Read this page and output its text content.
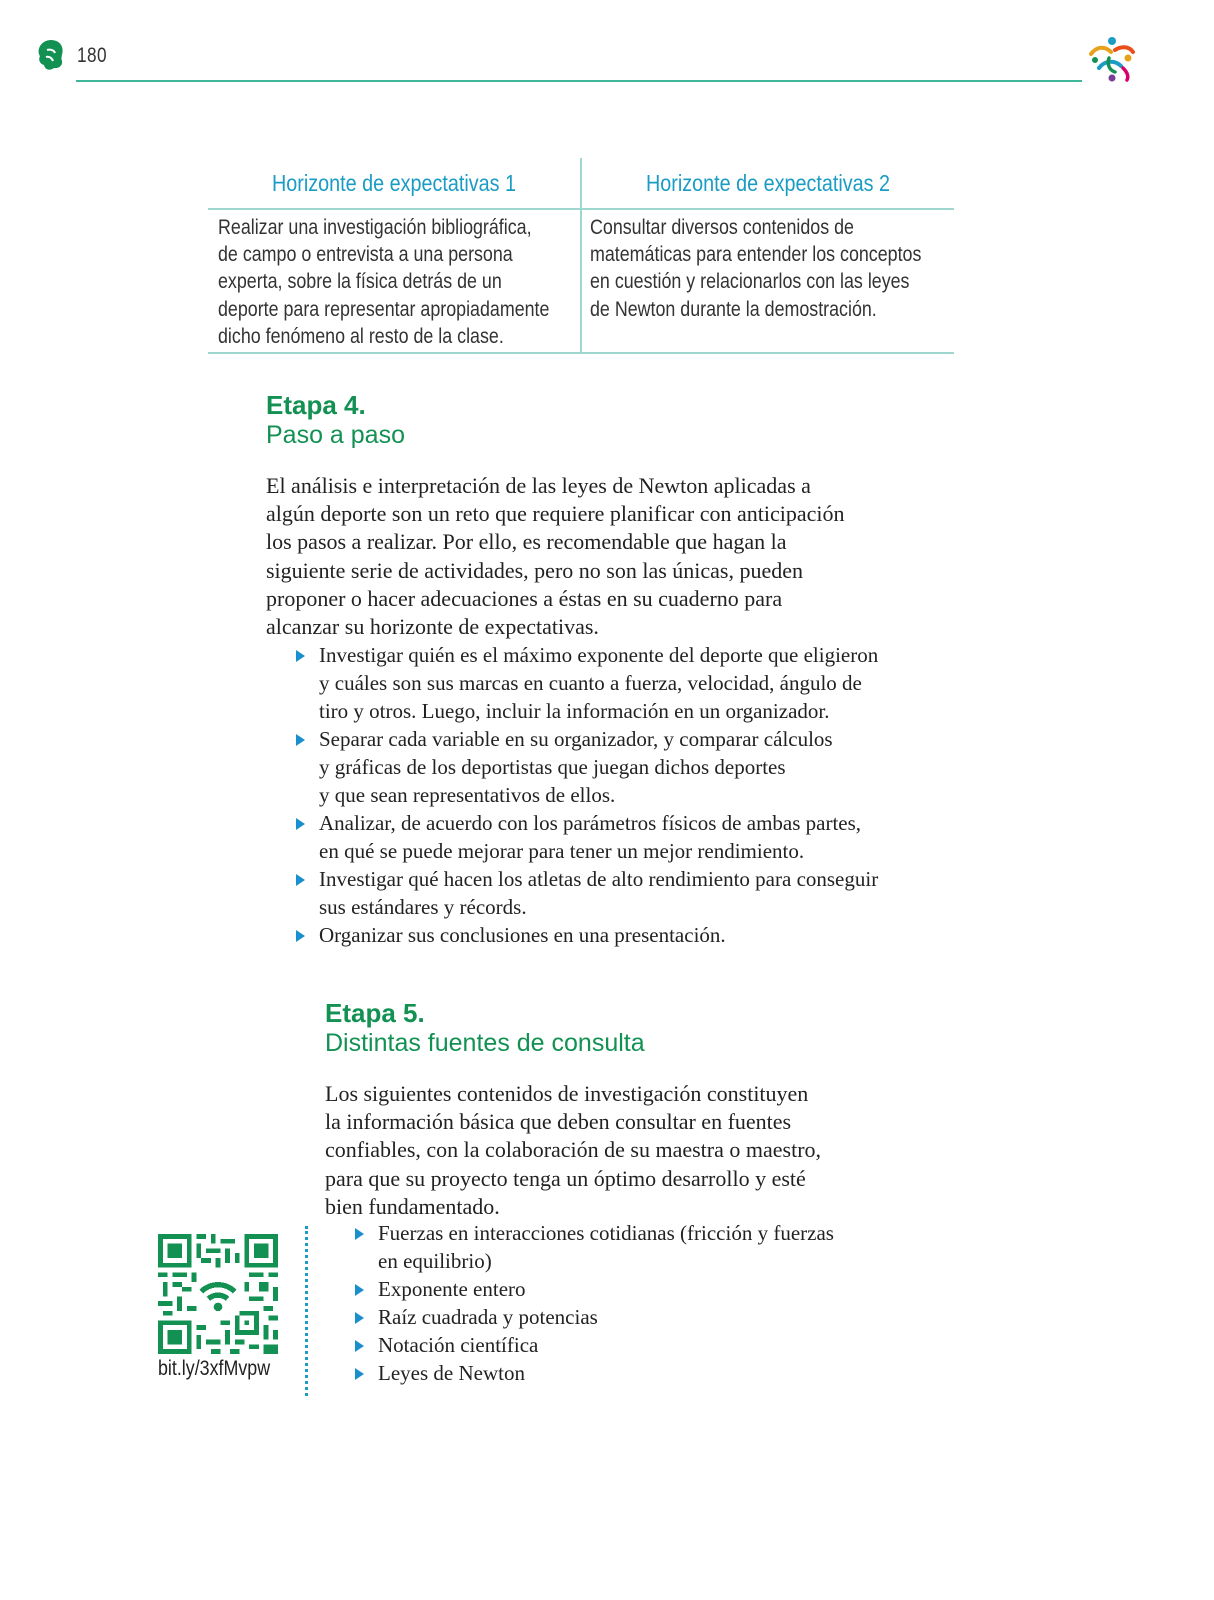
180
Horizonte de expectativas 1	Horizonte de expectativas 2
Realizar una investigación bibliográfica,
de campo o entrevista a una persona
experta, sobre la física detrás de un
deporte para representar apropiadamente
dicho fenómeno al resto de la clase.
Consultar diversos contenidos de
matemáticas para entender los conceptos
en cuestión y relacionarlos con las leyes
de Newton durante la demostración.
Etapa 4.
Paso a paso
El análisis e interpretación de las leyes de Newton aplicadas a
algún deporte son un reto que requiere planificar con anticipación
los pasos a realizar. Por ello, es recomendable que hagan la
siguiente serie de actividades, pero no son las únicas, pueden
proponer o hacer adecuaciones a éstas en su cuaderno para
alcanzar su horizonte de expectativas.
Investigar quién es el máximo exponente del deporte que eligieron
y cuáles son sus marcas en cuanto a fuerza, velocidad, ángulo de
tiro y otros. Luego, incluir la información en un organizador.
Separar cada variable en su organizador, y comparar cálculos
y gráficas de los deportistas que juegan dichos deportes
y que sean representativos de ellos.
Analizar, de acuerdo con los parámetros físicos de ambas partes,
en qué se puede mejorar para tener un mejor rendimiento.
Investigar qué hacen los atletas de alto rendimiento para conseguir
sus estándares y récords.
Organizar sus conclusiones en una presentación.
Etapa 5.
Distintas fuentes de consulta
Los siguientes contenidos de investigación constituyen
la información básica que deben consultar en fuentes
confiables, con la colaboración de su maestra o maestro,
para que su proyecto tenga un óptimo desarrollo y esté
bien fundamentado.
Fuerzas en interacciones cotidianas (fricción y fuerzas
en equilibrio)
Exponente entero
Raíz cuadrada y potencias
Notación científica
Leyes de Newton
bit.ly/3xfMvpw
